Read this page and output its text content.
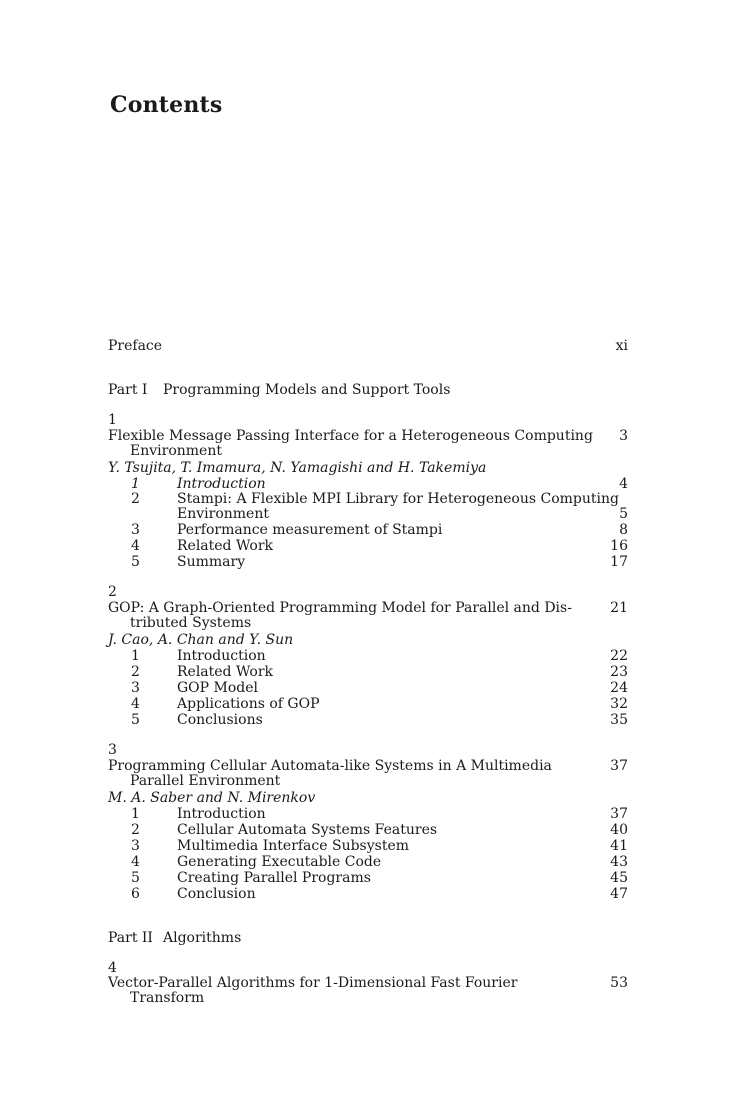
Contents
Preface	xi
Part I Programming Models and Support Tools
1
Flexible Message Passing Interface for a Heterogeneous Computing 3
Environment
Y. Tsujita, T. Imamura, N. Yamagishi and H. Takemiya
1	Introduction	4
2	Stampi: A Flexible MPI Library for Heterogeneous Computing
Environment	5
3	Performance measurement of Stampi	8
4	Related Work	16
5	Summary	17
2
GOP: A Graph-Oriented Programming Model for Parallel and Dis-	21
tributed Systems
J. Cao, A. Chan and Y. Sun
1	Introduction	22
2	Related Work	23
3	GOP Model	24
4	Applications of GOP	32
5	Conclusions	35
3
Programming Cellular Automata-like Systems in A Multimedia	37
Parallel Environment
M. A. Saber and N. Mirenkov
1	Introduction	37
2	Cellular Automata Systems Features	40
3	Multimedia Interface Subsystem	41
4	Generating Executable Code	43
5	Creating Parallel Programs	45
6	Conclusion	47
Part II Algorithms
4
Vector-Parallel Algorithms for 1-Dimensional Fast Fourier	53
Transform
